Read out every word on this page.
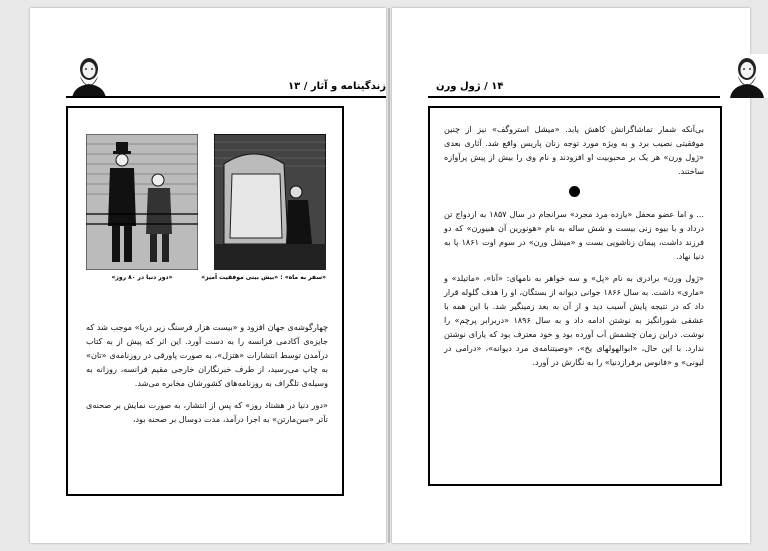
زندگینامه و آثار / ۱۳
«دور دنیا در ۸۰ روز»	«سفر به ماه» : «بیش بینی موفقیت آمیز»

چهارگوشه‌ی جهان افزود و «بیست هزار فرسنگ زیر دریا» موجب شد که جایزه‌ی آکادمی فرانسه را به دست آورد. این اثر که پیش از به کتاب درآمدن توسط انتشارات «هتزل»، به صورت پاورقی در روزنامه‌ی «تان» به چاپ می‌رسید، از طرف خبرنگاران خارجی مقیم فرانسه، روزانه به وسیله‌ی تلگراف به روزنامه‌های کشورشان مخابره می‌شد.

«دور دنیا در هشتاد روز» که پس از انتشار، به صورت نمایش بر صحنه‌ی تآتر «سن‌مارتن» به اجرا درآمد، مدت دوسال بر صحنه بود،

۱۴ / ژول ورن

بی‌آنکه شمار تماشاگرانش کاهش یابد. «میشل استروگف» نیز از چنین موفقیتی نصیب برد و به ویژه مورد توجه زنان پاریس واقع شد. آثاری بعدی «ژول ورن» هر یک بر محبوبیت او افزودند و نام وی را بیش از پیش پرآوازه ساختند.

... و اما عضو محفل «یازده مرد مجرد» سرانجام در سال ۱۸۵۷ به ازدواج تن درداد و با بیوه زنی بیست و شش ساله به نام «هونورین آن هبیورن» که دو فرزند داشت، پیمان زناشویی بست و «میشل ورن» در سوم اوت ۱۸۶۱ پا به دنیا نهاد.

«ژول ورن» برادری به نام «پل» و سه خواهر به نامهای: «آنا»، «ماتیلد» و «ماری» داشت. به سال ۱۸۶۶ جوانی دیوانه از بستگان، او را هدف گلوله قرار داد که در نتیجه پایش آسیب دید و از آن به بعد زمینگیر شد. با این همه با عشقی شورانگیز به نوشتن ادامه داد و به سال ۱۸۹۶ «دربرابر پرچم» را نوشت. دراین زمان چشمش آب آورده بود و خود معترف بود که یارای نوشتن ندارد. با این حال، «ابوالهولهای یخ»، «وصیتنامه‌ی مرد دیوانه»، «درامی در لیونی» و «فانوس برفرازدنیا» را به نگارش در آورد.
